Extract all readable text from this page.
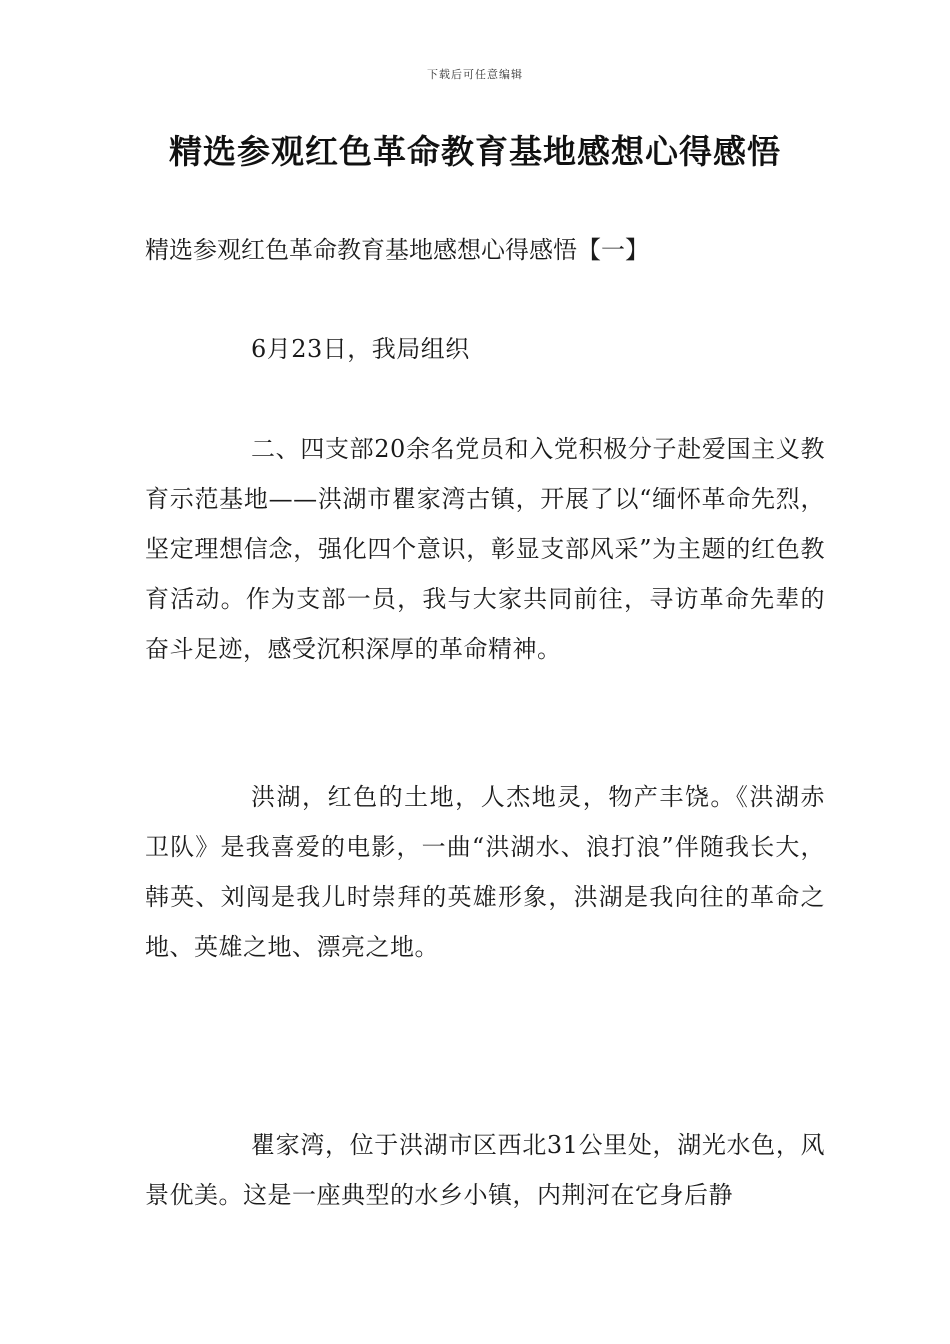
下载后可任意编辑
精选参观红色革命教育基地感想心得感悟
精选参观红色革命教育基地感想心得感悟【一】

6月23日，我局组织

二、四支部20余名党员和入党积极分子赴爱国主义教育示范基地——洪湖市瞿家湾古镇，开展了以“缅怀革命先烈，坚定理想信念，强化四个意识，彰显支部风采”为主题的红色教育活动。作为支部一员，我与大家共同前往，寻访革命先辈的奋斗足迹，感受沉积深厚的革命精神。

洪湖，红色的土地，人杰地灵，物产丰饶。《洪湖赤卫队》是我喜爱的电影，一曲“洪湖水、浪打浪”伴随我长大，韩英、刘闯是我儿时崇拜的英雄形象，洪湖是我向往的革命之地、英雄之地、漂亮之地。

瞿家湾，位于洪湖市区西北31公里处，湖光水色，风景优美。这是一座典型的水乡小镇，内荆河在它身后静
